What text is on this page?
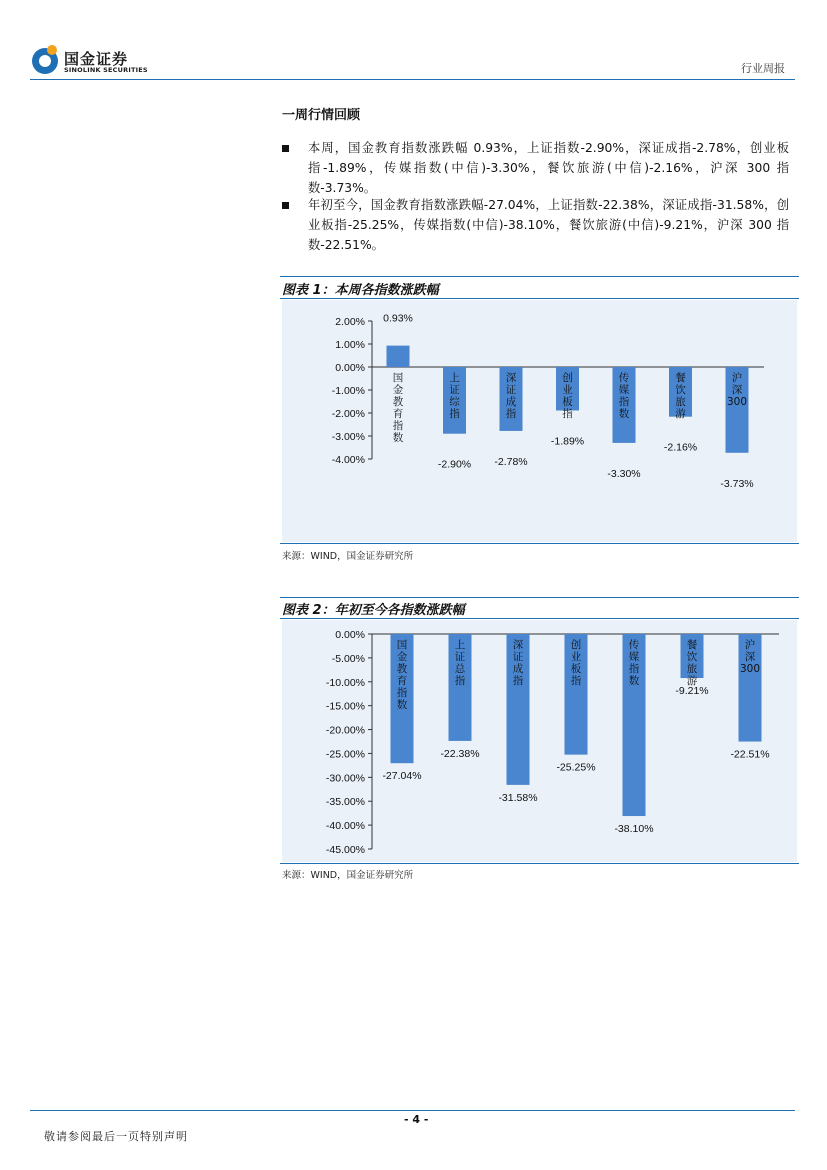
国金证券
SINOLINK SECURITIES	行业周报
一周行情回顾
本周，国金教育指数涨跌幅 0.93%，上证指数-2.90%，深证成指-2.78%，创业板指-1.89%，传媒指数(中信)-3.30%，餐饮旅游(中信)-2.16%，沪深 300 指数-3.73%。
年初至今，国金教育指数涨跌幅-27.04%，上证指数-22.38%，深证成指-31.58%，创业板指-25.25%，传媒指数(中信)-38.10%，餐饮旅游(中信)-9.21%，沪深 300 指数-22.51%。
图表 1：本周各指数涨跌幅
2.00%
1.00%
0.00%
-1.00%
-2.00%
-3.00%
-4.00%
0.93%
国金教育指数
-2.90%
上证综指
-2.78%
深证成指
-1.89%
创业板指
-3.30%
传媒指数
-2.16%
餐饮旅游
-3.73%
沪深 300
来源：WIND，国金证券研究所
图表 2：年初至今各指数涨跌幅
0.00%
-5.00%
-10.00%
-15.00%
-20.00%
-25.00%
-30.00%
-35.00%
-40.00%
-45.00%
-27.04%
国金教育指数
-22.38%
上证总指
-31.58%
深证成指
-25.25%
创业板指
-38.10%
传媒指数
-9.21%
餐饮旅游
-22.51%
沪深 300
来源：WIND，国金证券研究所
- 4 -
敬请参阅最后一页特别声明
